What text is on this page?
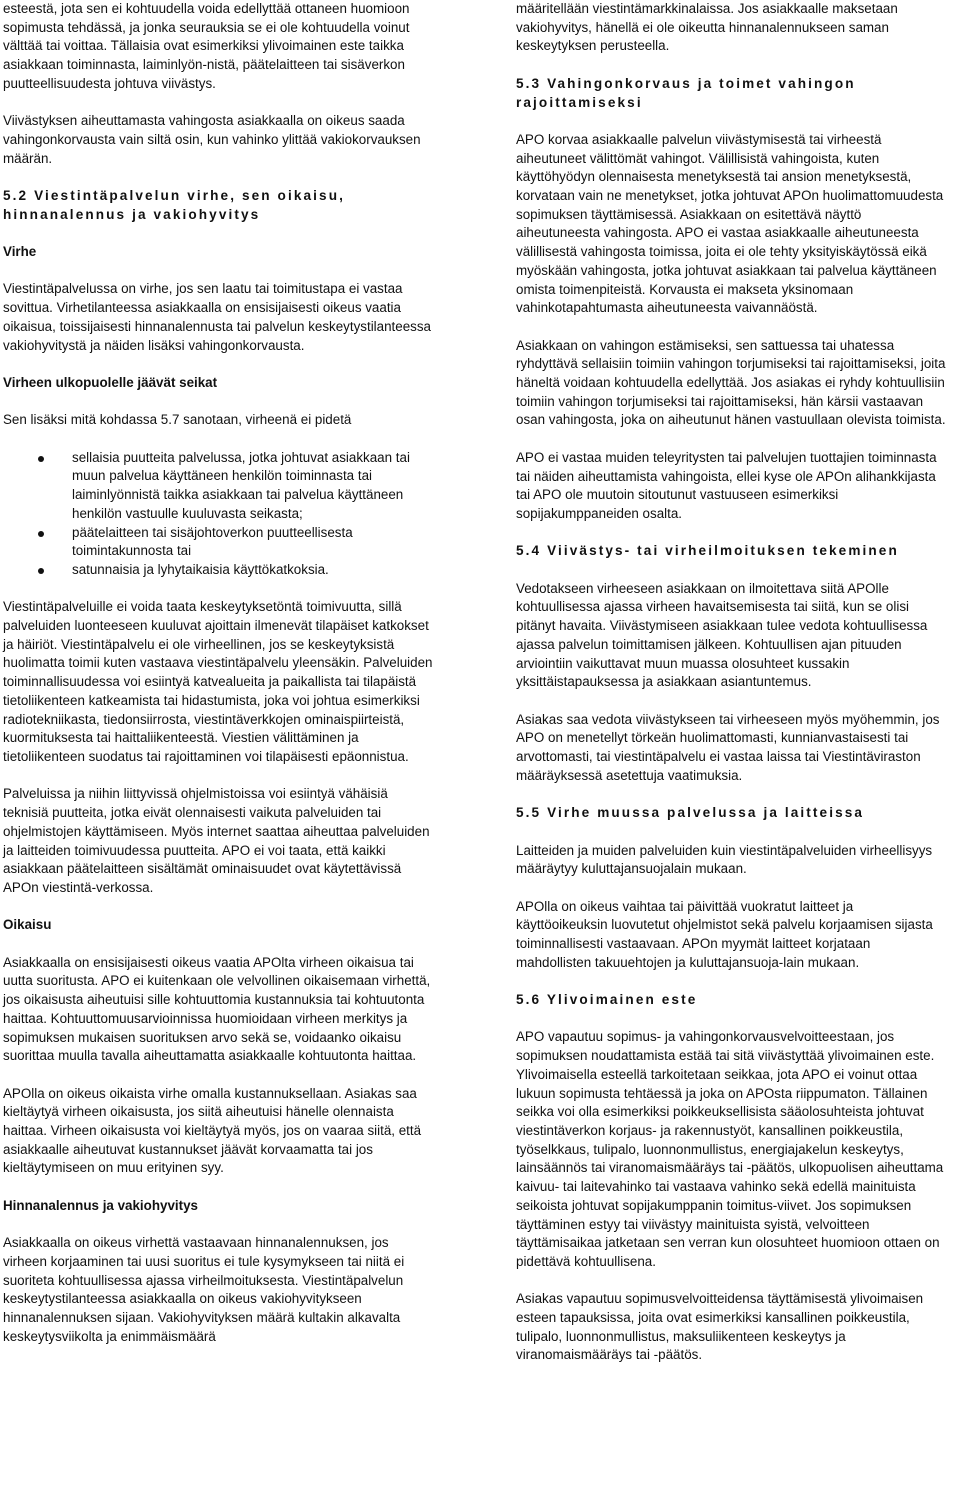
esteestä, jota sen ei kohtuudella voida edellyttää ottaneen huomioon sopimusta tehdässä, ja jonka seurauksia se ei ole kohtuudella voinut välttää tai voittaa. Tällaisia ovat esimerkiksi ylivoimainen este taikka asiakkaan toiminnasta, laiminlyön-nistä, päätelaitteen tai sisäverkon puutteellisuudesta johtuva viivästys.
Viivästyksen aiheuttamasta vahingosta asiakkaalla on oikeus saada vahingonkorvausta vain siltä osin, kun vahinko ylittää vakiokorvauksen määrän.
5.2 Viestintäpalvelun virhe, sen oikaisu, hinnanalennus ja vakiohyvitys
Virhe
Viestintäpalvelussa on virhe, jos sen laatu tai toimitustapa ei vastaa sovittua. Virhetilanteessa asiakkaalla on ensisijaisesti oikeus vaatia oikaisua, toissijaisesti hinnanalennusta tai palvelun keskeytystilanteessa vakiohyvitystä ja näiden lisäksi vahingonkorvausta.
Virheen ulkopuolelle jäävät seikat
Sen lisäksi mitä kohdassa 5.7 sanotaan, virheenä ei pidetä
sellaisia puutteita palvelussa, jotka johtuvat asiakkaan tai muun palvelua käyttäneen henkilön toiminnasta tai laiminlyönnistä taikka asiakkaan tai palvelua käyttäneen henkilön vastuulle kuuluvasta seikasta;
päätelaitteen tai sisäjohtoverkon puutteellisesta toimintakunnosta tai
satunnaisia ja lyhytaikaisia käyttökatkoksia.
Viestintäpalveluille ei voida taata keskeytyksetöntä toimivuutta, sillä palveluiden luonteeseen kuuluvat ajoittain ilmenevät tilapäiset katkokset ja häiriöt. Viestintäpalvelu ei ole virheellinen, jos se keskeytyksistä huolimatta toimii kuten vastaava viestintäpalvelu yleensäkin. Palveluiden toiminnallisuudessa voi esiintyä katvealueita ja paikallista tai tilapäistä tietoliikenteen katkeamista tai hidastumista, joka voi johtua esimerkiksi radiotekniikasta, tiedonsiirrosta, viestintäverkkojen ominaispiirteistä, kuormituksesta tai haittaliikenteestä. Viestien välittäminen ja tietoliikenteen suodatus tai rajoittaminen voi tilapäisesti epäonnistua.
Palveluissa ja niihin liittyvissä ohjelmistoissa voi esiintyä vähäisiä teknisiä puutteita, jotka eivät olennaisesti vaikuta palveluiden tai ohjelmistojen käyttämiseen. Myös internet saattaa aiheuttaa palveluiden ja laitteiden toimivuudessa puutteita. APO ei voi taata, että kaikki asiakkaan päätelaitteen sisältämät ominaisuudet ovat käytettävissä APOn viestintä-verkossa.
Oikaisu
Asiakkaalla on ensisijaisesti oikeus vaatia APOlta virheen oikaisua tai uutta suoritusta. APO ei kuitenkaan ole velvollinen oikaisemaan virhettä, jos oikaisusta aiheutuisi sille kohtuuttomia kustannuksia tai kohtuutonta haittaa. Kohtuuttomuusarvioinnissa huomioidaan virheen merkitys ja sopimuksen mukaisen suorituksen arvo sekä se, voidaanko oikaisu suorittaa muulla tavalla aiheuttamatta asiakkaalle kohtuutonta haittaa.
APOlla on oikeus oikaista virhe omalla kustannuksellaan. Asiakas saa kieltäytyä virheen oikaisusta, jos siitä aiheutuisi hänelle olennaista haittaa. Virheen oikaisusta voi kieltäytyä myös, jos on vaaraa siitä, että asiakkaalle aiheutuvat kustannukset jäävät korvaamatta tai jos kieltäytymiseen on muu erityinen syy.
Hinnanalennus ja vakiohyvitys
Asiakkaalla on oikeus virhettä vastaavaan hinnanalennuksen, jos virheen korjaaminen tai uusi suoritus ei tule kysymykseen tai niitä ei suoriteta kohtuullisessa ajassa virheilmoituksesta. Viestintäpalvelun keskeytystilanteessa asiakkaalla on oikeus vakiohyvitykseen hinnanalennuksen sijaan. Vakiohyvityksen määrä kultakin alkavalta keskeytysviikolta ja enimmäismäärä
määritellään viestintämarkkinalaissa. Jos asiakkaalle maksetaan vakiohyvitys, hänellä ei ole oikeutta hinnanalennukseen saman keskeytyksen perusteella.
5.3 Vahingonkorvaus ja toimet vahingon rajoittamiseksi
APO korvaa asiakkaalle palvelun viivästymisestä tai virheestä aiheutuneet välittömät vahingot. Välillisistä vahingoista, kuten käyttöhyödyn olennaisesta menetyksestä tai ansion menetyksestä, korvataan vain ne menetykset, jotka johtuvat APOn huolimattomuudesta sopimuksen täyttämisessä. Asiakkaan on esitettävä näyttö aiheutuneesta vahingosta. APO ei vastaa asiakkaalle aiheutuneesta välillisestä vahingosta toimissa, joita ei ole tehty yksityiskäytössä eikä myöskään vahingosta, jotka johtuvat asiakkaan tai palvelua käyttäneen omista toimenpiteistä. Korvausta ei makseta yksinomaan vahinkotapahtumasta aiheutuneesta vaivannäöstä.
Asiakkaan on vahingon estämiseksi, sen sattuessa tai uhatessa ryhdyttävä sellaisiin toimiin vahingon torjumiseksi tai rajoittamiseksi, joita häneltä voidaan kohtuudella edellyttää. Jos asiakas ei ryhdy kohtuullisiin toimiin vahingon torjumiseksi tai rajoittamiseksi, hän kärsii vastaavan osan vahingosta, joka on aiheutunut hänen vastuullaan olevista toimista.
APO ei vastaa muiden teleyritysten tai palvelujen tuottajien toiminnasta tai näiden aiheuttamista vahingoista, ellei kyse ole APOn alihankkijasta tai APO ole muutoin sitoutunut vastuuseen esimerkiksi sopijakumppaneiden osalta.
5.4 Viivästys- tai virheilmoituksen tekeminen
Vedotakseen virheeseen asiakkaan on ilmoitettava siitä APOlle kohtuullisessa ajassa virheen havaitsemisesta tai siitä, kun se olisi pitänyt havaita. Viivästymiseen asiakkaan tulee vedota kohtuullisessa ajassa palvelun toimittamisen jälkeen. Kohtuullisen ajan pituuden arviointiin vaikuttavat muun muassa olosuhteet kussakin yksittäistapauksessa ja asiakkaan asiantuntemus.
Asiakas saa vedota viivästykseen tai virheeseen myös myöhemmin, jos APO on menetellyt törkeän huolimattomasti, kunnianvastaisesti tai arvottomasti, tai viestintäpalvelu ei vastaa laissa tai Viestintäviraston määräyksessä asetettuja vaatimuksia.
5.5 Virhe muussa palvelussa ja laitteissa
Laitteiden ja muiden palveluiden kuin viestintäpalveluiden virheellisyys määräytyy kuluttajansuojalain mukaan.
APOlla on oikeus vaihtaa tai päivittää vuokratut laitteet ja käyttöoikeuksin luovutetut ohjelmistot sekä palvelu korjaamisen sijasta toiminnallisesti vastaavaan. APOn myymät laitteet korjataan mahdollisten takuuehtojen ja kuluttajansuoja-lain mukaan.
5.6 Ylivoimainen este
APO vapautuu sopimus- ja vahingonkorvausvelvoitteestaan, jos sopimuksen noudattamista estää tai sitä viivästyttää ylivoimainen este. Ylivoimaisella esteellä tarkoitetaan seikkaa, jota APO ei voinut ottaa lukuun sopimusta tehtäessä ja joka on APOsta riippumaton. Tällainen seikka voi olla esimerkiksi poikkeuksellisista sääolosuhteista johtuvat viestintäverkon korjaus- ja rakennustyöt, kansallinen poikkeustila, työselkkaus, tulipalo, luonnonmullistus, energiajakelun keskeytys, lainsäännös tai viranomaismääräys tai -päätös, ulkopuolisen aiheuttama kaivuu- tai laitevahinko tai vastaava vahinko sekä edellä mainituista seikoista johtuvat sopijakumppanin toimitus-viivet. Jos sopimuksen täyttäminen estyy tai viivästyy mainituista syistä, velvoitteen täyttämisaikaa jatketaan sen verran kun olosuhteet huomioon ottaen on pidettävä kohtuullisena.
Asiakas vapautuu sopimusvelvoitteidensa täyttämisestä ylivoimaisen esteen tapauksissa, joita ovat esimerkiksi kansallinen poikkeustila, tulipalo, luonnonmullistus, maksuliikenteen keskeytys ja viranomaismääräys tai -päätös.
